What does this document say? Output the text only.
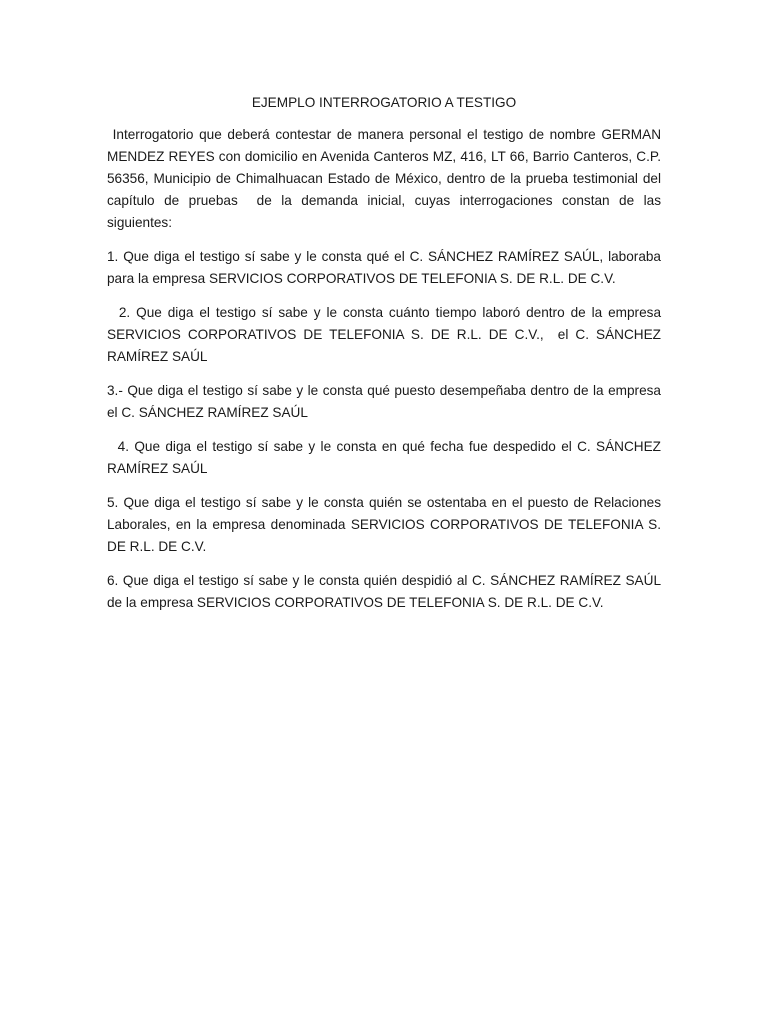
EJEMPLO INTERROGATORIO A TESTIGO

Interrogatorio que deberá contestar de manera personal el testigo de nombre GERMAN MENDEZ REYES con domicilio en Avenida Canteros MZ, 416, LT 66, Barrio Canteros, C.P. 56356, Municipio de Chimalhuacan Estado de México, dentro de la prueba testimonial del capítulo de pruebas  de la demanda inicial, cuyas interrogaciones constan de las siguientes:

1. Que diga el testigo sí sabe y le consta qué el C. SÁNCHEZ RAMÍREZ SAÚL, laboraba para la empresa SERVICIOS CORPORATIVOS DE TELEFONIA S. DE R.L. DE C.V.

2. Que diga el testigo sí sabe y le consta cuánto tiempo laboró dentro de la empresa SERVICIOS CORPORATIVOS DE TELEFONIA S. DE R.L. DE C.V.,  el C. SÁNCHEZ RAMÍREZ SAÚL

3.- Que diga el testigo sí sabe y le consta qué puesto desempeñaba dentro de la empresa el C. SÁNCHEZ RAMÍREZ SAÚL

4. Que diga el testigo sí sabe y le consta en qué fecha fue despedido el C. SÁNCHEZ RAMÍREZ SAÚL

5. Que diga el testigo sí sabe y le consta quién se ostentaba en el puesto de Relaciones Laborales, en la empresa denominada SERVICIOS CORPORATIVOS DE TELEFONIA S. DE R.L. DE C.V.

6. Que diga el testigo sí sabe y le consta quién despidió al C. SÁNCHEZ RAMÍREZ SAÚL de la empresa SERVICIOS CORPORATIVOS DE TELEFONIA S. DE R.L. DE C.V.
